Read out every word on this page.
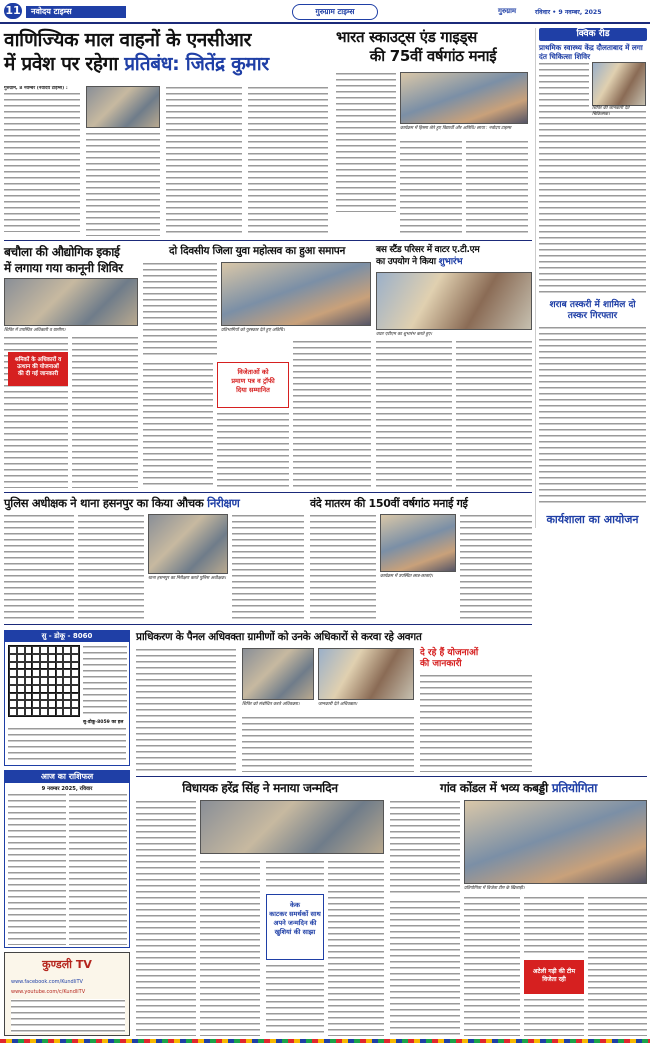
11	नवोदय टाइम्स	गुरुग्राम टाइम्स	गुरुग्राम	रविवार • 9 नवम्बर, 2025
वाणिज्यिक माल वाहनों के एनसीआर
में प्रवेश पर रहेगा प्रतिबंध: जितेंद्र कुमार
गुरुग्राम, 8 नवम्बर (नवोदय टाइम्स) :
भारत स्काउट्स एंड गाइड्स
की 75वीं वर्षगांठ मनाई
कार्यक्रम में हिस्सा लेते हुए विद्यार्थी और अतिथि। छाया : नवोदय टाइम्स
क्विक रीड
प्राथमिक स्वास्थ्य केंद्र दौलताबाद में लगा दंत चिकित्सा शिविर
शिविर की जानकारी देते चिकित्सक।
शराब तस्करी में शामिल दो तस्कर गिरफ्तार
कार्यशाला का आयोजन
बचौला की औद्योगिक इकाई
में लगाया गया कानूनी शिविर
शिविर में उपस्थित अधिकारी व ग्रामीण।
श्रमिकों के अधिकारों व
उत्थान की योजनाओं
की दी गई जानकारी
दो दिवसीय जिला युवा महोत्सव का हुआ समापन
प्रतिभागियों को पुरस्कार देते हुए अतिथि।
विजेताओं को
प्रमाण पत्र व ट्रॉफी
दिया सम्मानित
बस स्टैंड परिसर में वाटर ए.टी.एम
का उपयोग ने किया शुभारंभ
वाटर एटीएम का शुभारंभ करते हुए।
पुलिस अधीक्षक ने थाना हसनपुर का किया औचक निरीक्षण
थाना हसनपुर का निरीक्षण करते पुलिस अधीक्षक।
वंदे मातरम की 150वीं वर्षगांठ मनाई गई
कार्यक्रम में उपस्थित छात्र-छात्राएं।
सु - डोकू - 8060
सु-डोकू-8059 का हल
प्राधिकरण के पैनल अधिवक्ता ग्रामीणों को उनके अधिकारों से करवा रहे अवगत
शिविर को संबोधित करते अधिवक्ता।	जानकारी देते अधिवक्ता।
दे रहे हैं योजनाओं
की जानकारी
आज का राशिफल
9 नवम्बर 2025, रविवार
कुण्डली TV
www.facebook.com/KundliTV
www.youtube.com/c/KundliTV
विधायक हरेंद्र सिंह ने मनाया जन्मदिन
केक
काटकर समर्थकों साथ
अपने जन्मदिन की
खुशियां की साझा
गांव कोंडल में भव्य कबड्डी प्रतियोगिता
प्रतियोगिता में विजेता टीम के खिलाड़ी।
अटेली गढ़ी की टीम
विजेता रही
